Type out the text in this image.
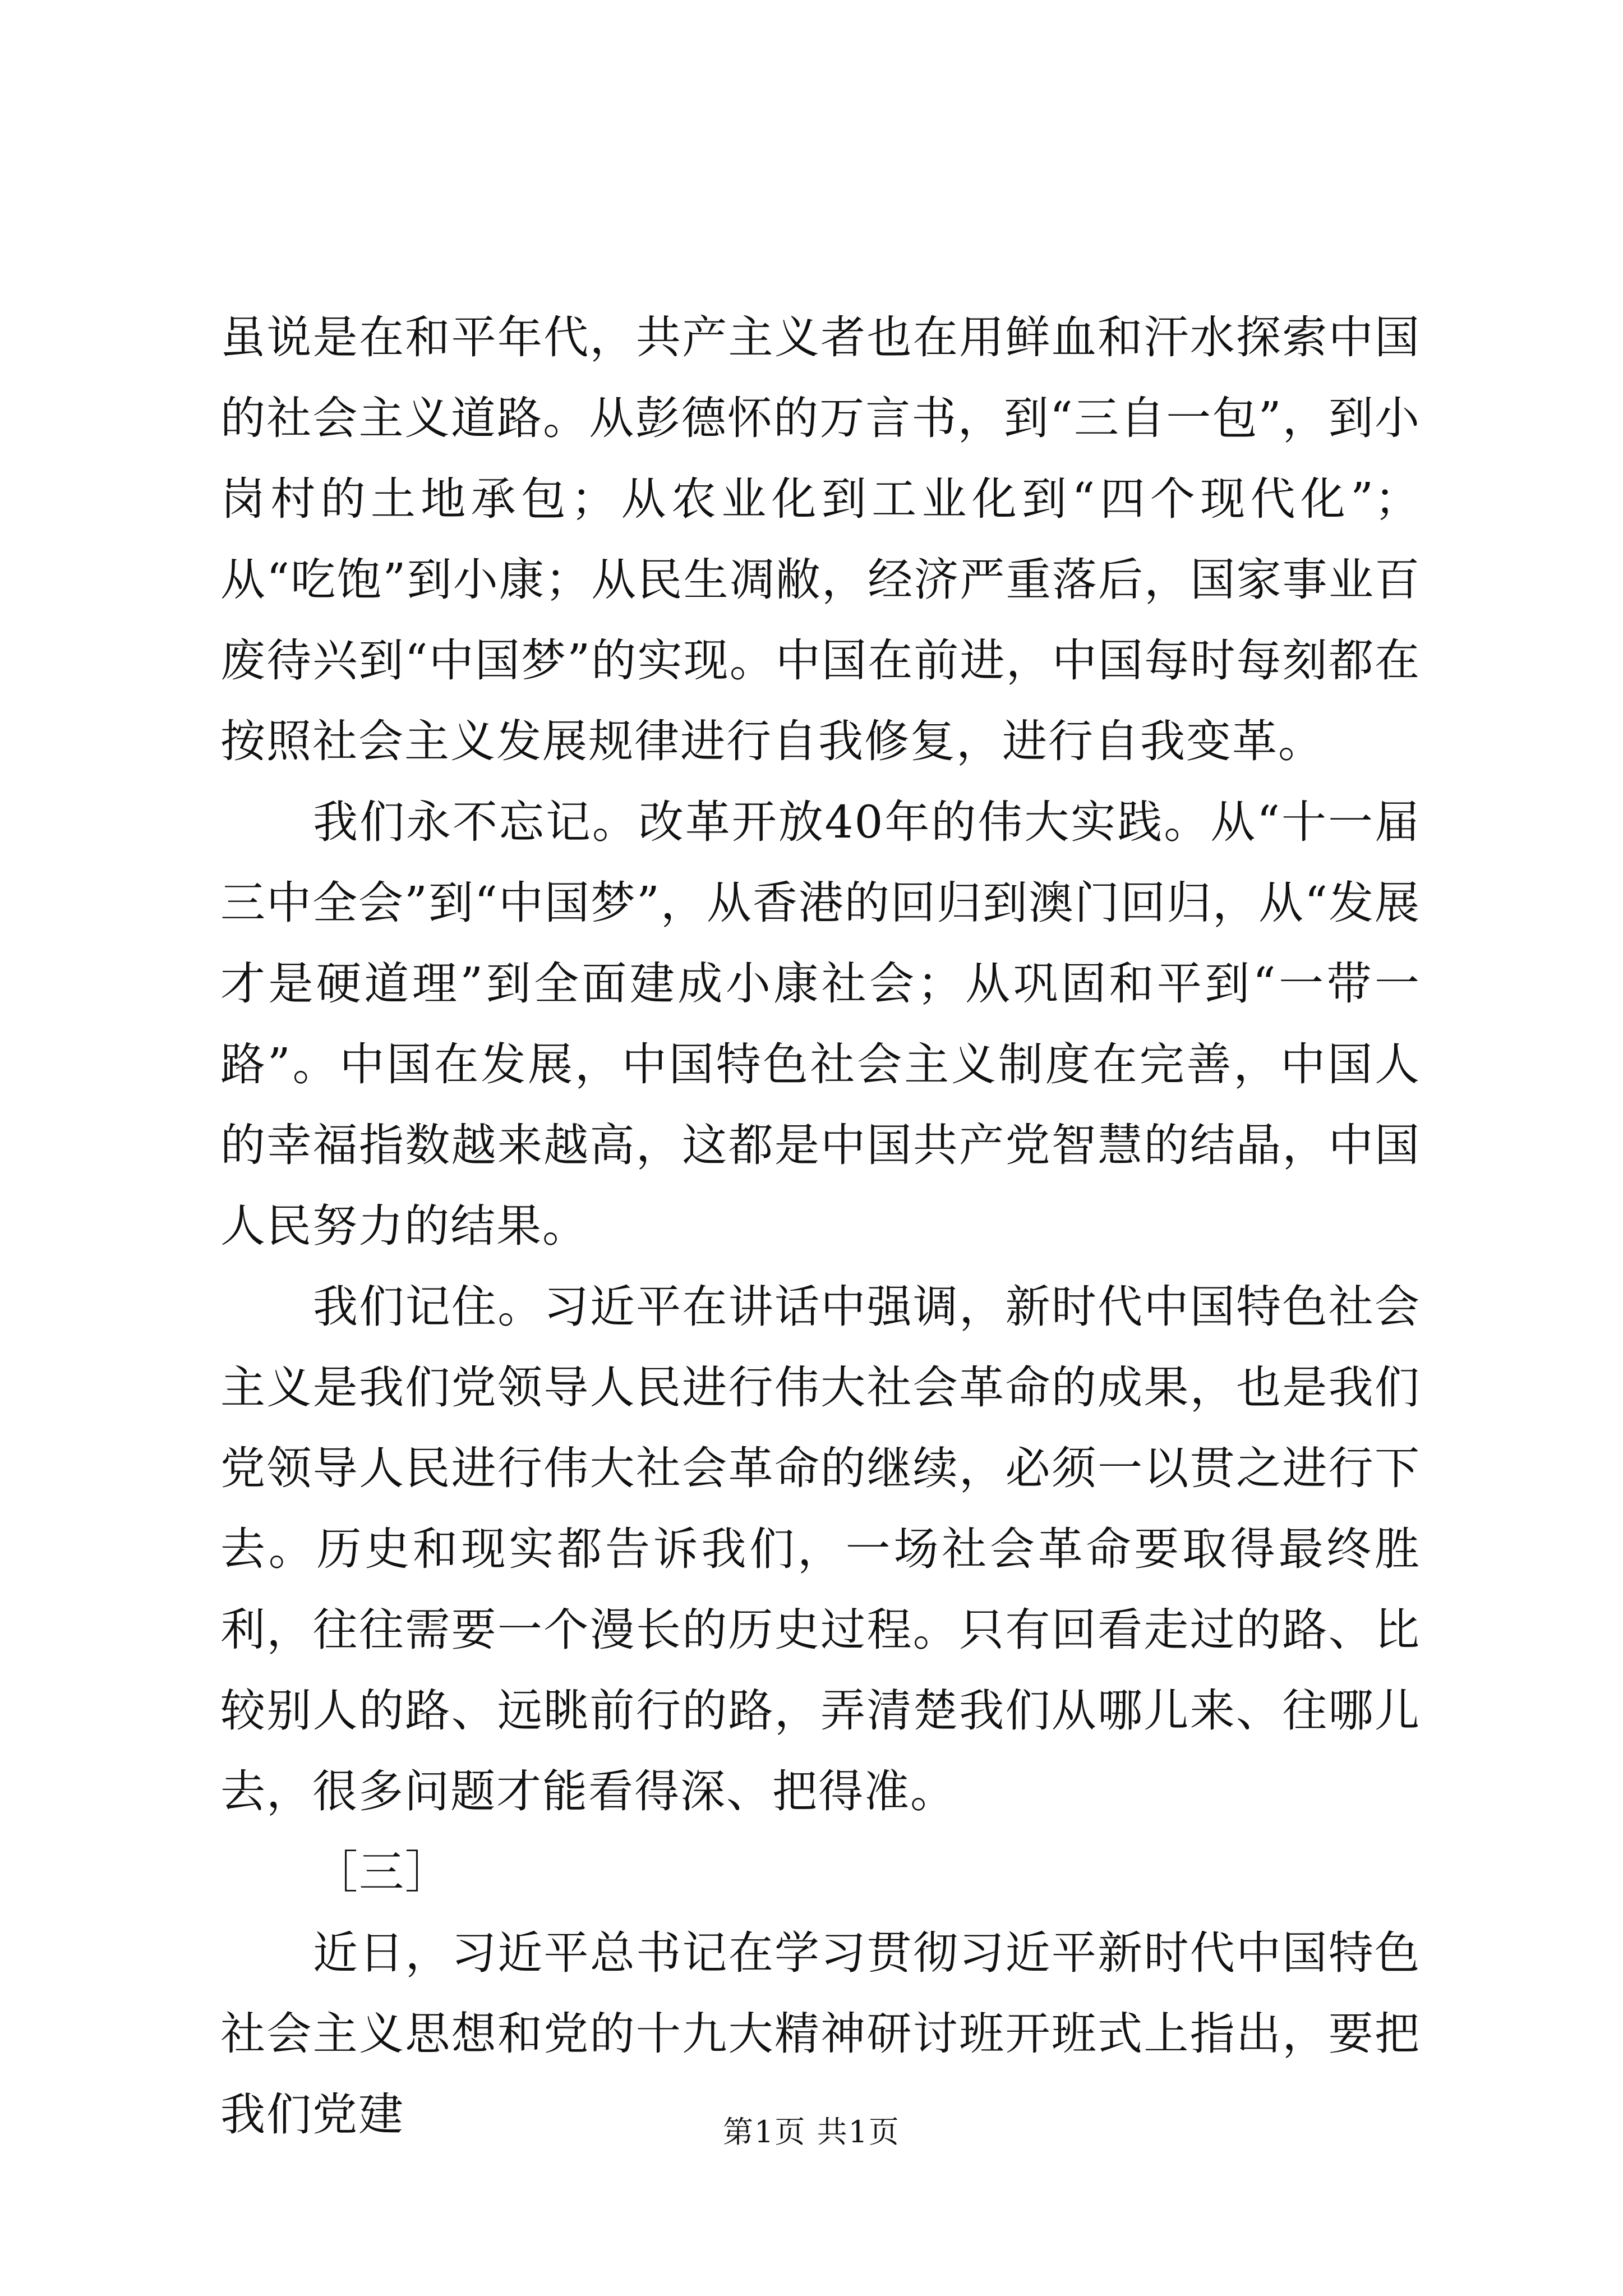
虽说是在和平年代，共产主义者也在用鲜血和汗水探索中国的社会主义道路。从彭德怀的万言书，到“三自一包”，到小岗村的土地承包；从农业化到工业化到“四个现代化”；从“吃饱”到小康；从民生凋敝，经济严重落后，国家事业百废待兴到“中国梦”的实现。中国在前进，中国每时每刻都在按照社会主义发展规律进行自我修复，进行自我变革。

我们永不忘记。改革开放40年的伟大实践。从“十一届三中全会”到“中国梦”，从香港的回归到澳门回归，从“发展才是硬道理”到全面建成小康社会；从巩固和平到“一带一路”。中国在发展，中国特色社会主义制度在完善，中国人的幸福指数越来越高，这都是中国共产党智慧的结晶，中国人民努力的结果。

我们记住。习近平在讲话中强调，新时代中国特色社会主义是我们党领导人民进行伟大社会革命的成果，也是我们党领导人民进行伟大社会革命的继续，必须一以贯之进行下去。历史和现实都告诉我们，一场社会革命要取得最终胜利，往往需要一个漫长的历史过程。只有回看走过的路、比较别人的路、远眺前行的路，弄清楚我们从哪儿来、往哪儿去，很多问题才能看得深、把得准。

［三］

近日，习近平总书记在学习贯彻习近平新时代中国特色社会主义思想和党的十九大精神研讨班开班式上指出，要把我们党建	第1页 共1页
